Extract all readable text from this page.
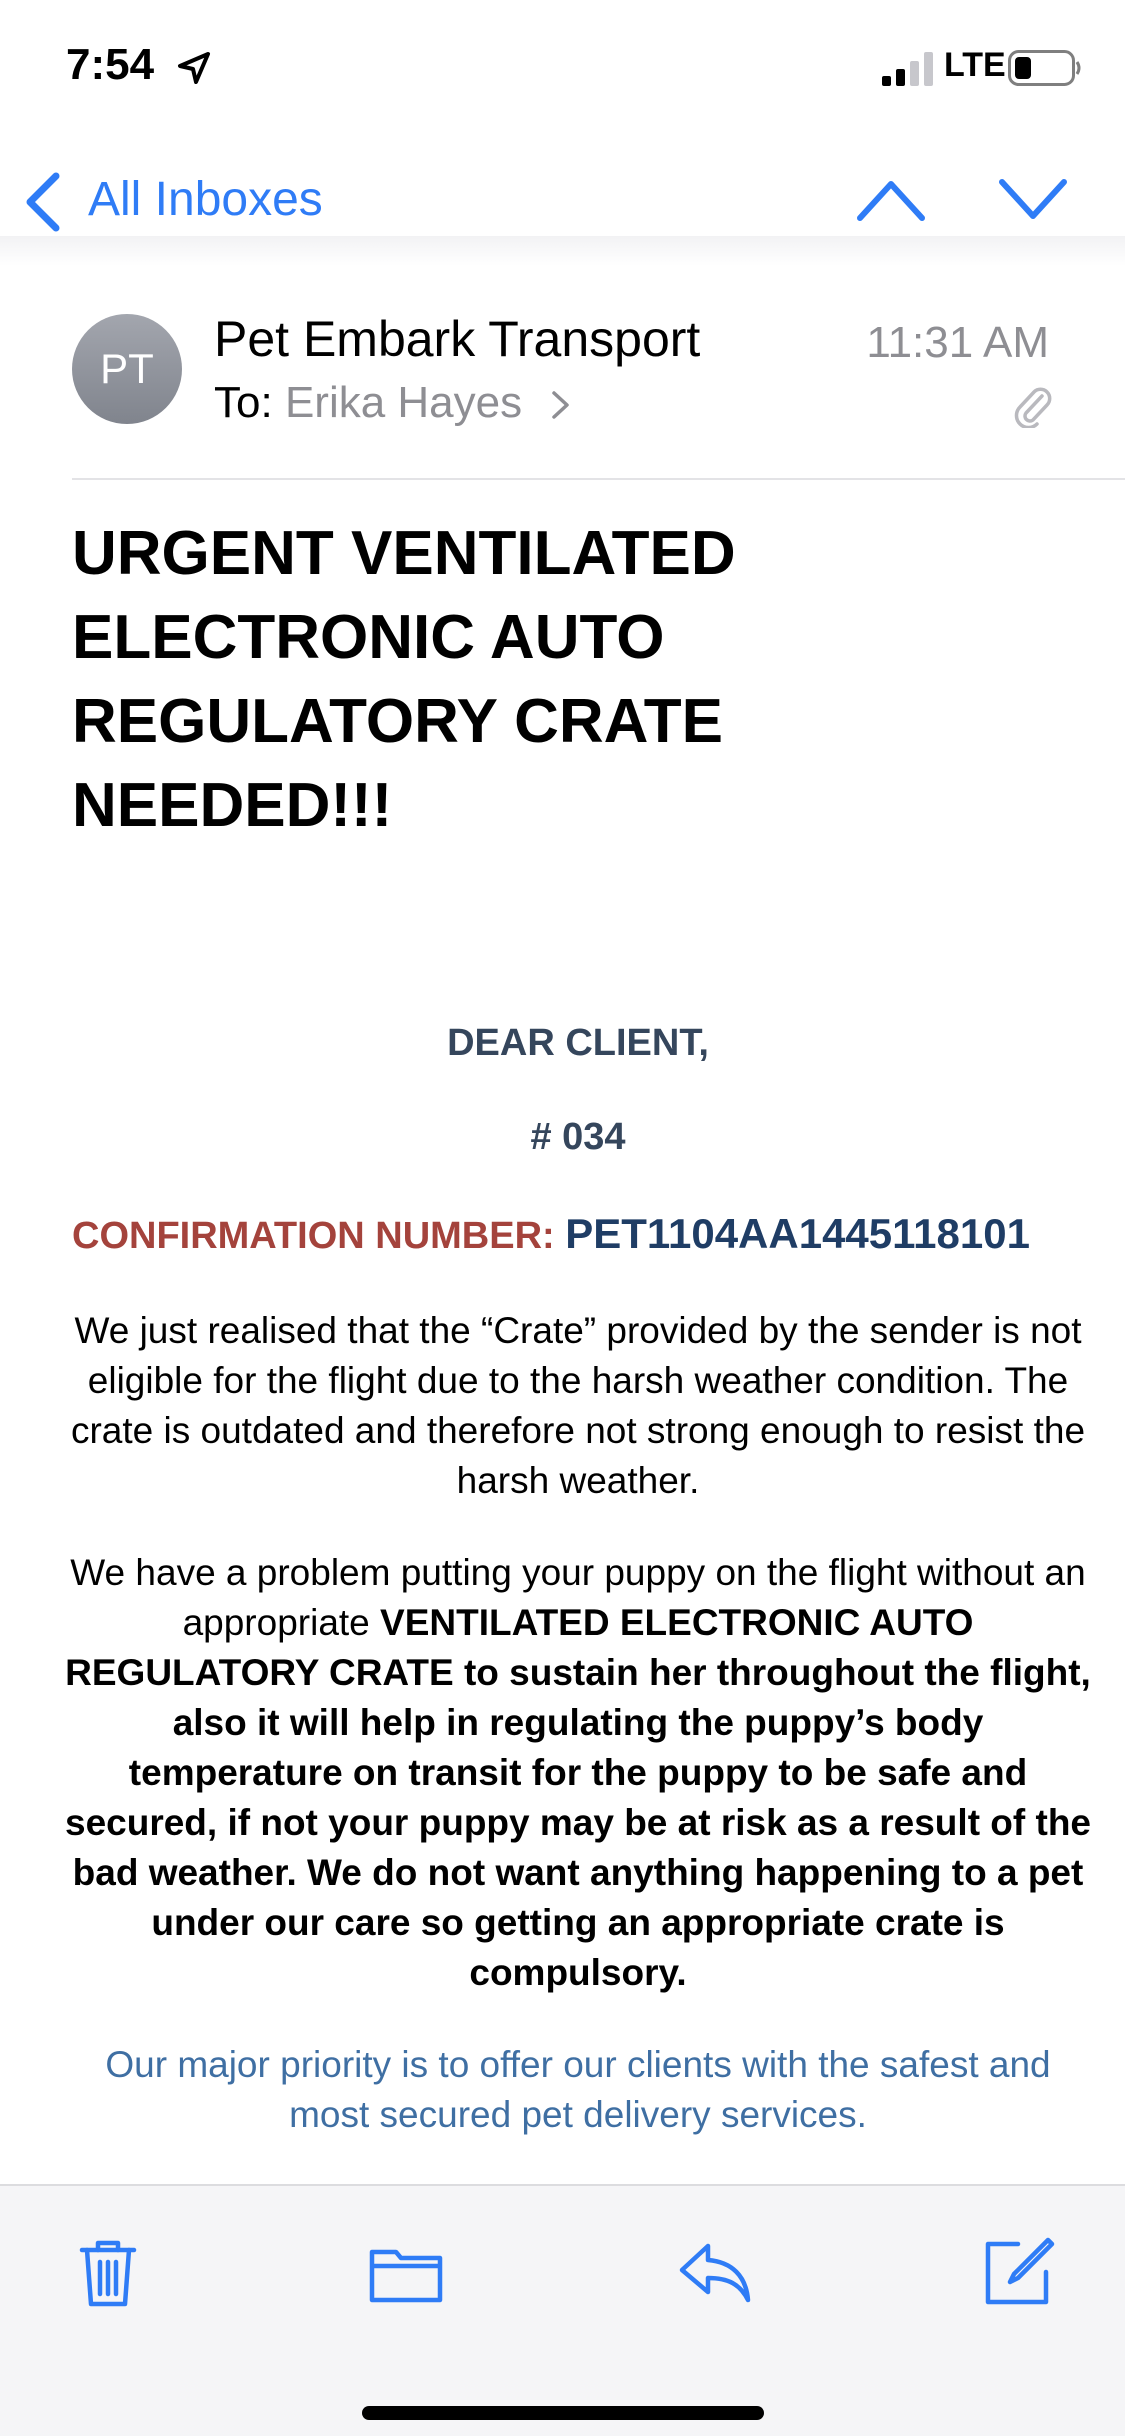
7:54	LTE
All Inboxes
PT
Pet Embark Transport
To: Erika Hayes
11:31 AM
URGENT VENTILATED ELECTRONIC AUTO REGULATORY CRATE NEEDED!!!
DEAR CLIENT,
# 034
CONFIRMATION NUMBER: PET1104AA1445118101
We just realised that the “Crate” provided by the sender is not eligible for the flight due to the harsh weather condition. The crate is outdated and therefore not strong enough to resist the harsh weather.
We have a problem putting your puppy on the flight without an appropriate VENTILATED ELECTRONIC AUTO REGULATORY CRATE to sustain her throughout the flight, also it will help in regulating the puppy’s body temperature on transit for the puppy to be safe and secured, if not your puppy may be at risk as a result of the bad weather. We do not want anything happening to a pet under our care so getting an appropriate crate is compulsory.
Our major priority is to offer our clients with the safest and most secured pet delivery services.
